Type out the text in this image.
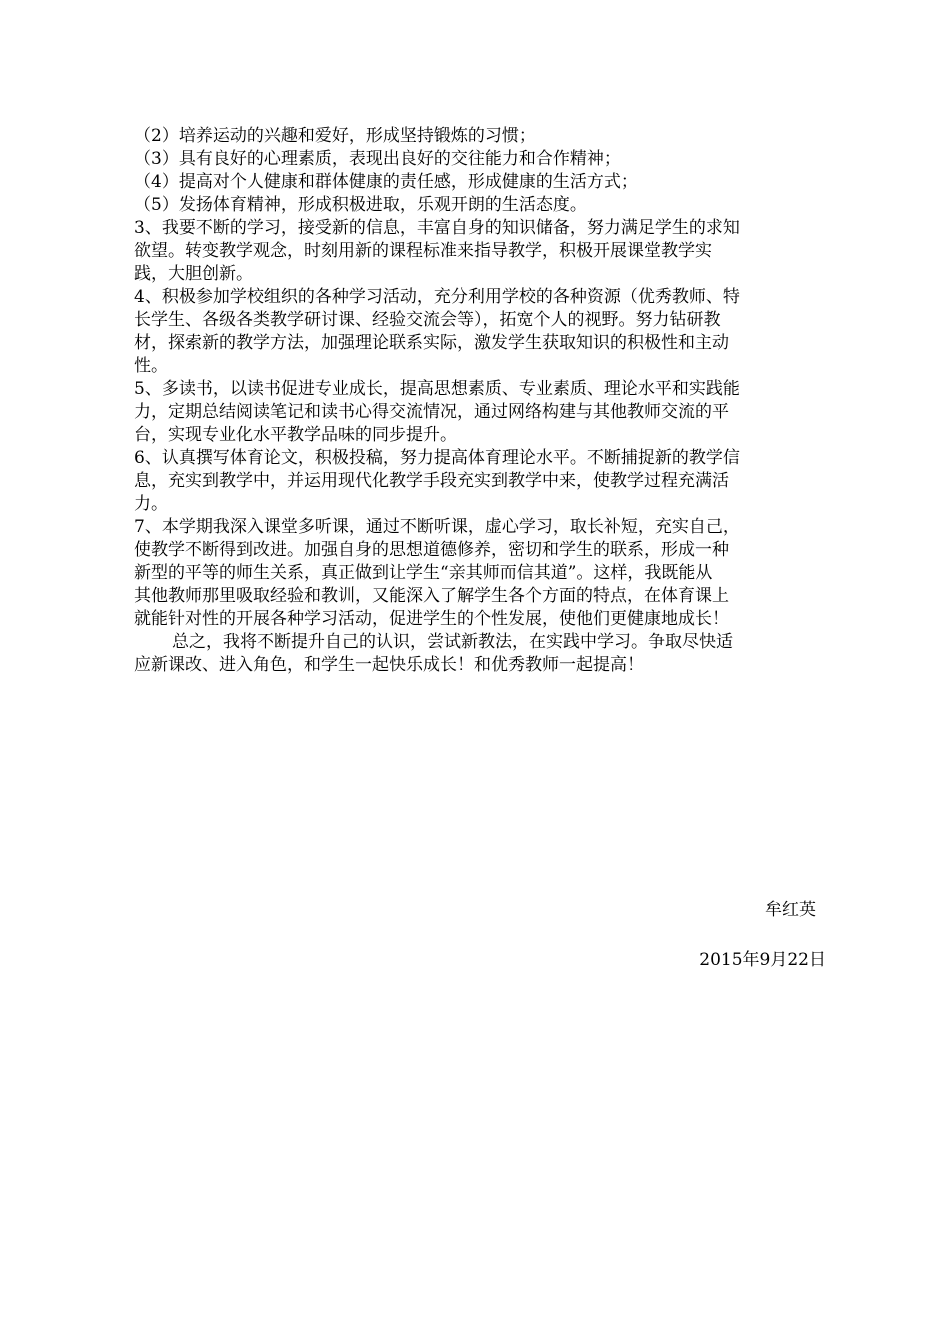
（2）培养运动的兴趣和爱好，形成坚持锻炼的习惯；
（3）具有良好的心理素质，表现出良好的交往能力和合作精神；
（4）提高对个人健康和群体健康的责任感，形成健康的生活方式；
（5）发扬体育精神，形成积极进取，乐观开朗的生活态度。
3、我要不断的学习，接受新的信息，丰富自身的知识储备，努力满足学生的求知
欲望。转变教学观念，时刻用新的课程标准来指导教学，积极开展课堂教学实
践，大胆创新。
4、积极参加学校组织的各种学习活动，充分利用学校的各种资源（优秀教师、特
长学生、各级各类教学研讨课、经验交流会等），拓宽个人的视野。努力钻研教
材，探索新的教学方法，加强理论联系实际，激发学生获取知识的积极性和主动
性。
5、多读书，以读书促进专业成长，提高思想素质、专业素质、理论水平和实践能
力，定期总结阅读笔记和读书心得交流情况，通过网络构建与其他教师交流的平
台，实现专业化水平教学品味的同步提升。
6、认真撰写体育论文，积极投稿，努力提高体育理论水平。不断捕捉新的教学信
息，充实到教学中，并运用现代化教学手段充实到教学中来，使教学过程充满活
力。
7、本学期我深入课堂多听课，通过不断听课，虚心学习，取长补短，充实自己，
使教学不断得到改进。加强自身的思想道德修养，密切和学生的联系，形成一种
新型的平等的师生关系，真正做到让学生“亲其师而信其道”。这样，我既能从
其他教师那里吸取经验和教训，又能深入了解学生各个方面的特点，在体育课上
就能针对性的开展各种学习活动，促进学生的个性发展，使他们更健康地成长！
总之，我将不断提升自己的认识，尝试新教法，在实践中学习。争取尽快适
应新课改、进入角色，和学生一起快乐成长！和优秀教师一起提高！
牟红英
2015年9月22日
